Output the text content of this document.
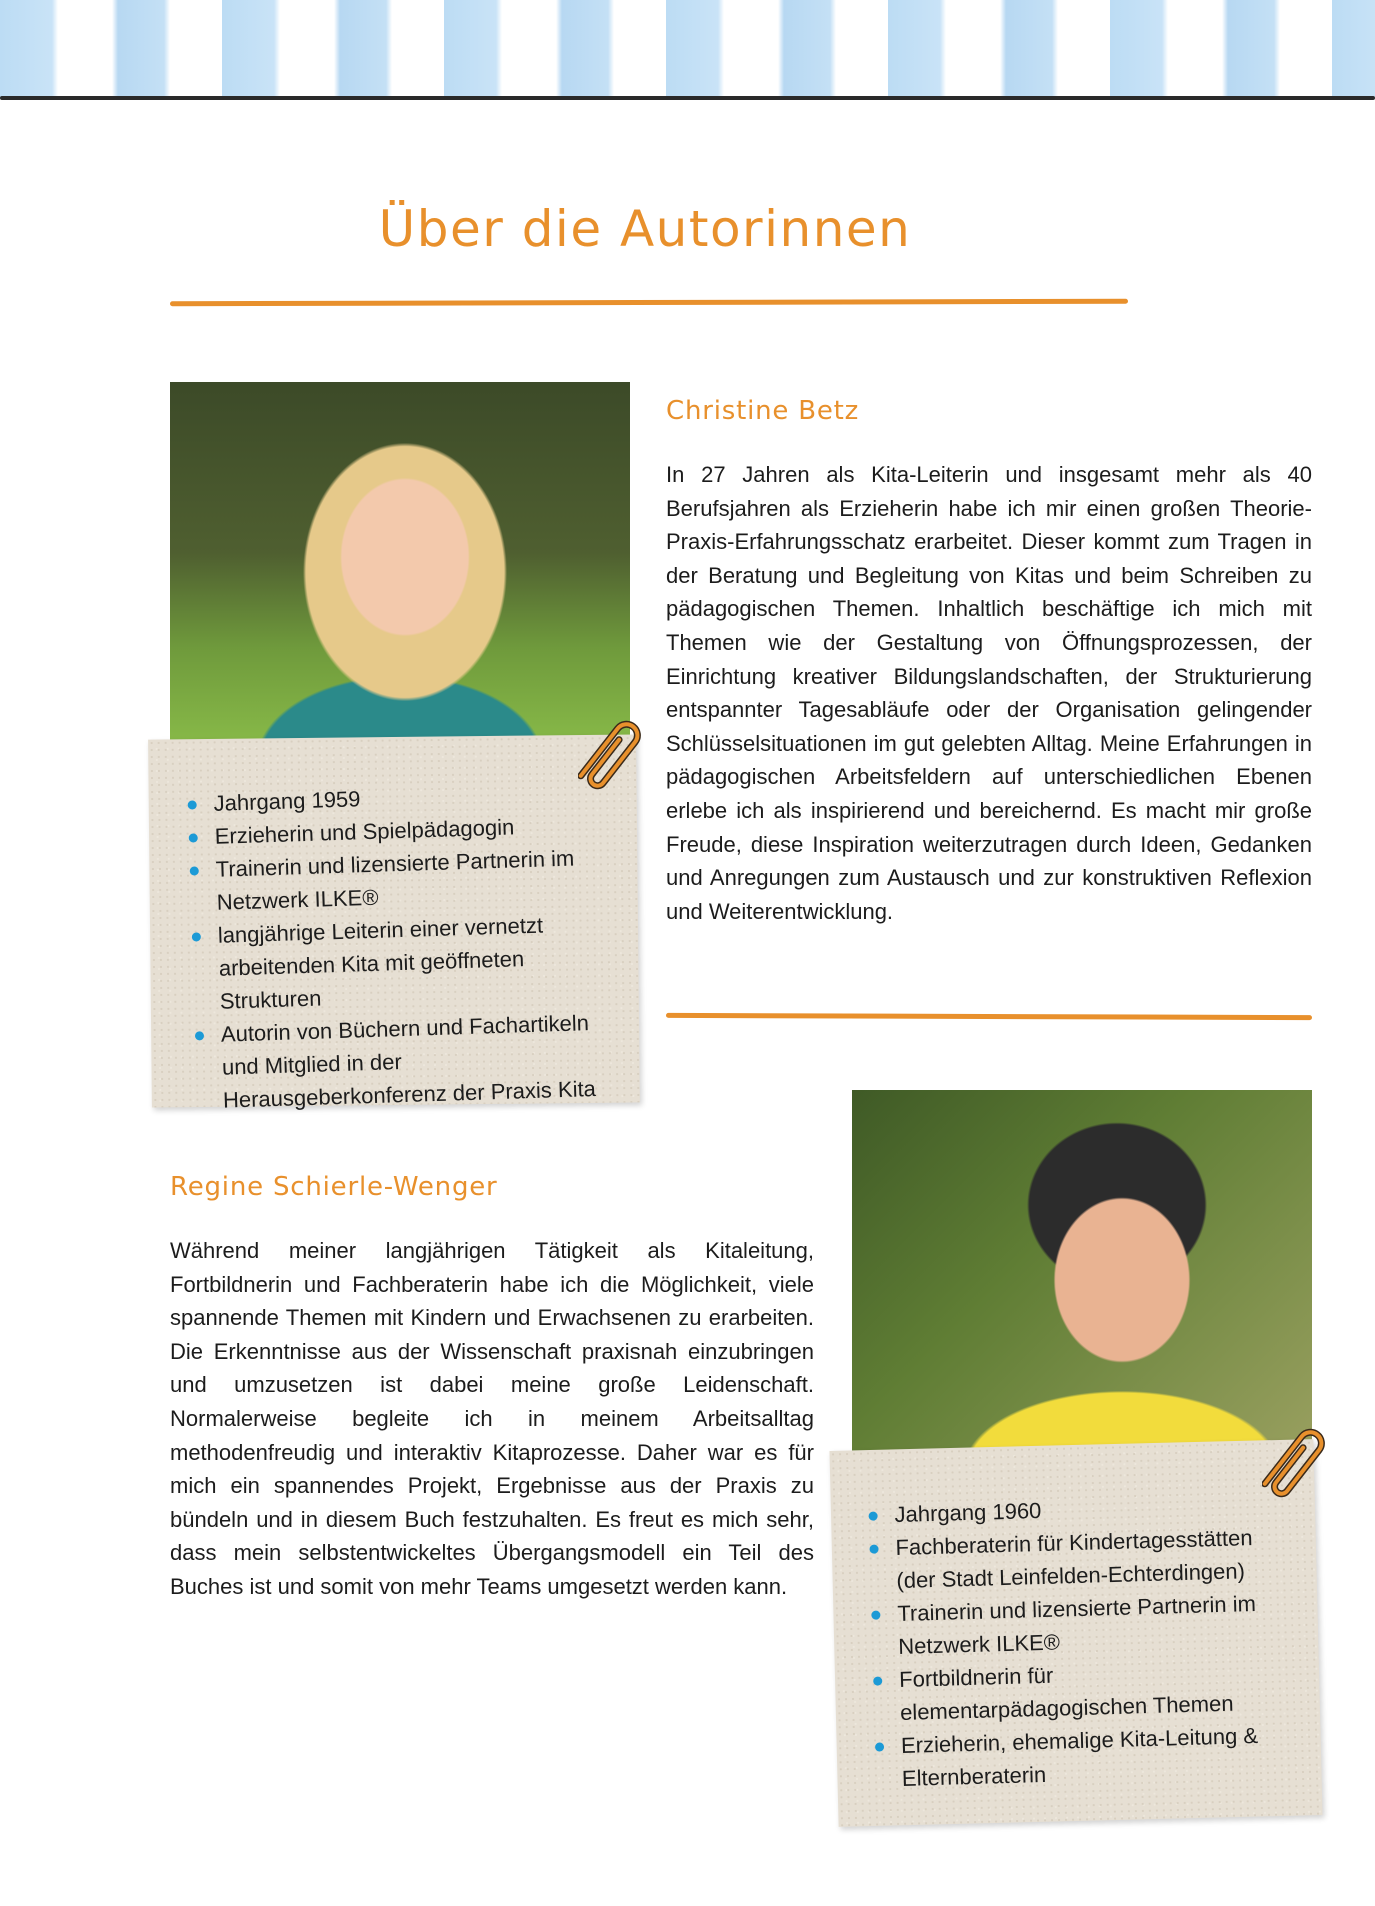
Über die Autorinnen
Jahrgang 1959
Erzieherin und Spielpädagogin
Trainerin und lizensierte Partnerin im Netzwerk ILKE®
langjährige Leiterin einer vernetzt arbeitenden Kita mit geöffneten Strukturen
Autorin von Büchern und Fachartikeln und Mitglied in der Herausgeberkonferenz der Praxis Kita
Christine Betz

In 27 Jahren als Kita-Leiterin und insgesamt mehr als 40 Berufsjahren als Erzieherin habe ich mir einen großen Theorie-Praxis-Erfahrungsschatz erarbeitet. Dieser kommt zum Tragen in der Beratung und Begleitung von Kitas und beim Schreiben zu pädagogischen Themen. Inhaltlich beschäftige ich mich mit Themen wie der Gestaltung von Öffnungsprozessen, der Einrichtung kreativer Bildungslandschaften, der Strukturierung entspannter Tagesabläufe oder der Organisation gelingender Schlüsselsituationen im gut gelebten Alltag. Meine Erfahrungen in pädagogischen Arbeitsfeldern auf unterschiedlichen Ebenen erlebe ich als inspirierend und bereichernd. Es macht mir große Freude, diese Inspiration weiterzutragen durch Ideen, Gedanken und Anregungen zum Austausch und zur konstruktiven Reflexion und Weiterentwicklung.

Regine Schierle-Wenger

Während meiner langjährigen Tätigkeit als Kitaleitung, Fortbildnerin und Fachberaterin habe ich die Möglichkeit, viele spannende Themen mit Kindern und Erwachsenen zu erarbeiten. Die Erkenntnisse aus der Wissenschaft praxisnah einzubringen und umzusetzen ist dabei meine große Leidenschaft. Normalerweise begleite ich in meinem Arbeitsalltag methodenfreudig und interaktiv Kitaprozesse. Daher war es für mich ein spannendes Projekt, Ergebnisse aus der Praxis zu bündeln und in diesem Buch festzuhalten. Es freut es mich sehr, dass mein selbstentwickeltes Übergangsmodell ein Teil des Buches ist und somit von mehr Teams umgesetzt werden kann.

Jahrgang 1960
Fachberaterin für Kindertagesstätten (der Stadt Leinfelden-Echterdingen)
Trainerin und lizensierte Partnerin im Netzwerk ILKE®
Fortbildnerin für elementarpädagogischen Themen
Erzieherin, ehemalige Kita-Leitung & Elternberaterin
